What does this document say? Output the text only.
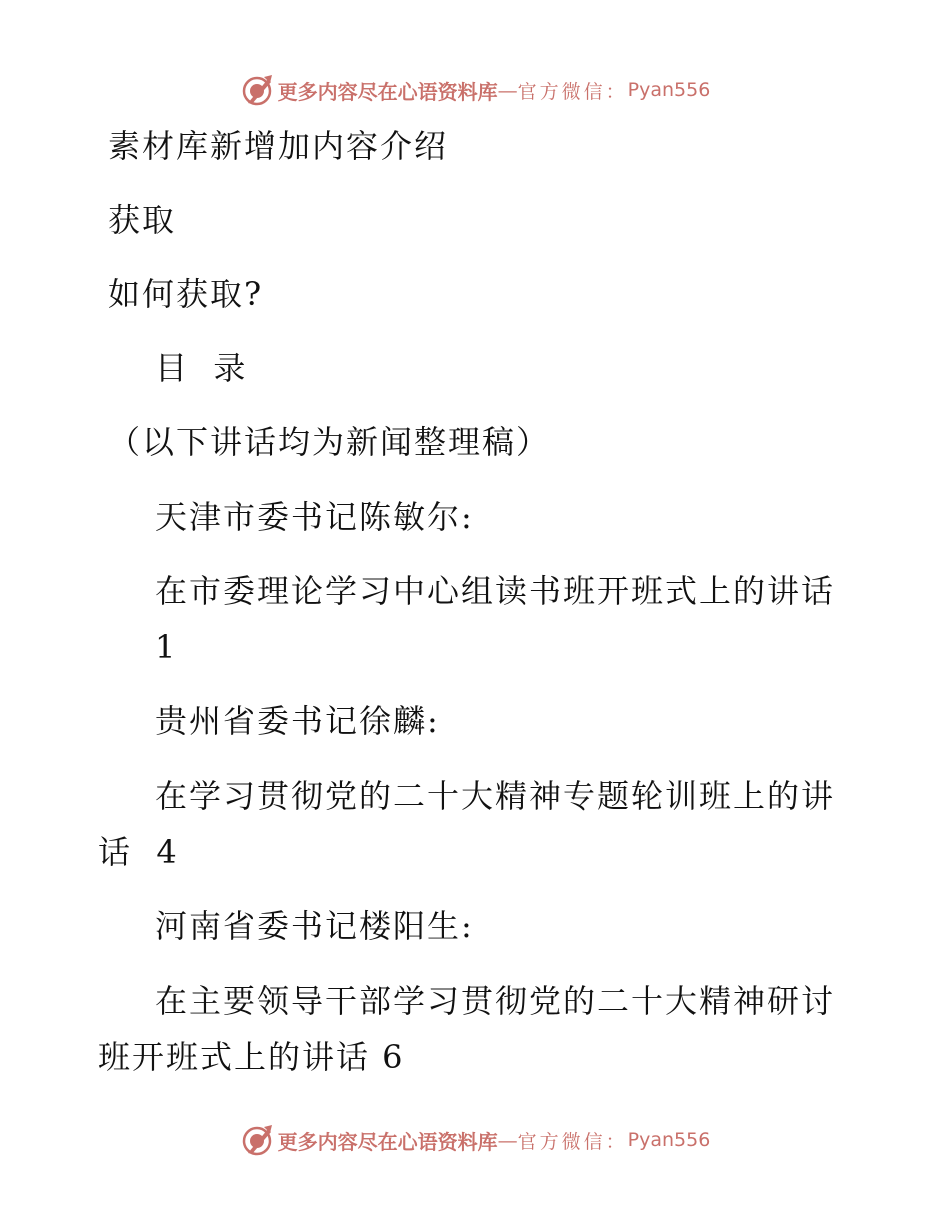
更多内容尽在心语资料库 — 官方微信： Pyan556
素材库新增加内容介绍
获取
如何获取?
目  录
（以下讲话均为新闻整理稿）
天津市委书记陈敏尔:
在市委理论学习中心组读书班开班式上的讲话
1
贵州省委书记徐麟:
在学习贯彻党的二十大精神专题轮训班上的讲
话  4
河南省委书记楼阳生:
在主要领导干部学习贯彻党的二十大精神研讨
班开班式上的讲话 6
更多内容尽在心语资料库 — 官方微信： Pyan556
